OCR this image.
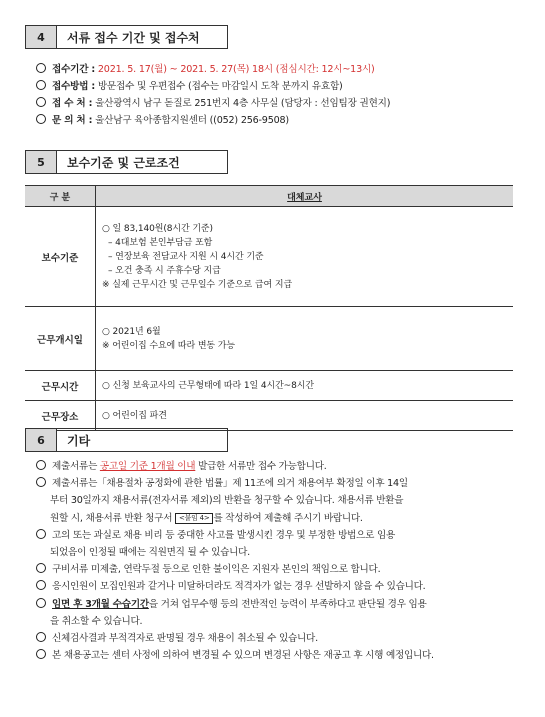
4	서류 접수 기간 및 접수처
접수기간 : 2021. 5. 17(월) ~ 2021. 5. 27(목) 18시 (점심시간: 12시~13시)
접수방법 : 방문접수 및 우편접수 (접수는 마감일시 도착 분까지 유효함)
접 수 처 : 울산광역시 남구 돋질로 251번지 4층 사무실 (담당자 : 선임팀장 권현지)
문 의 처 : 울산남구 육아종합지원센터 ((052) 256-9508)
5	보수기준 및 근로조건
구 분	대체교사
보수기준	○ 일 83,140원(8시간 기준)
– 4대보험 본인부담금 포함
– 연장보육 전담교사 지원 시 4시간 기준
– 오건 충족 시 주휴수당 지급
※ 실제 근무시간 및 근무일수 기준으로 급여 지급

근무개시일	○ 2021년 6월
※ 어린이집 수요에 따라 변동 가능

근무시간	○ 신청 보육교사의 근무형태에 따라 1일 4시간~8시간

근무장소	○ 어린이집 파견
6	기타
제출서류는 공고일 기준 1개월 이내 발급한 서류만 접수 가능합니다.
제출서류는「채용절차 공정화에 관한 법률」제 11조에 의거 채용여부 확정일 이후 14일
부터 30일까지 채용서류(전자서류 제외)의 반환을 청구할 수 있습니다. 채용서류 반환을
원할 시, 채용서류 반환 청구서 <붙임 4> 를 작성하여 제출해 주시기 바랍니다.
고의 또는 과실로 채용 비리 등 중대한 사고를 발생시킨 경우 및 부정한 방법으로 임용
되었음이 인정될 때에는 직원면직 될 수 있습니다.
구비서류 미제출, 연락두절 등으로 인한 불이익은 지원자 본인의 책임으로 합니다.
응시인원이 모집인원과 같거나 미달하더라도 적격자가 없는 경우 선발하지 않을 수 있습니다.
임면 후 3개월 수습기간을 거쳐 업무수행 등의 전반적인 능력이 부족하다고 판단될 경우 임용
을 취소할 수 있습니다.
신체검사결과 부적격자로 판명될 경우 채용이 취소될 수 있습니다.
본 채용공고는 센터 사정에 의하여 변경될 수 있으며 변경된 사항은 재공고 후 시행 예정입니다.
